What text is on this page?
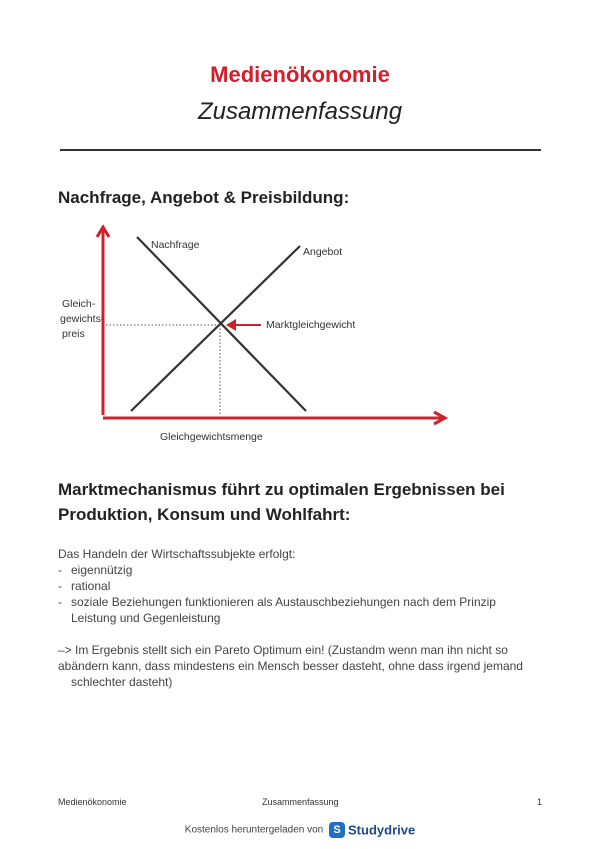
Medienökonomie
Zusammenfassung
Nachfrage, Angebot & Preisbildung:
Nachfrage
Angebot
Gleich-
gewichts-
preis
Marktgleichgewicht
Gleichgewichtsmenge
Marktmechanismus führt zu optimalen Ergebnissen bei
Produktion, Konsum und Wohlfahrt:
Das Handeln der Wirtschaftssubjekte erfolgt:
- eigennützig
- rational
- soziale Beziehungen funktionieren als Austauschbeziehungen nach dem Prinzip
Leistung und Gegenleistung
–> Im Ergebnis stellt sich ein Pareto Optimum ein! (Zustandm wenn man ihn nicht so
abändern kann, dass mindestens ein Mensch besser dasteht, ohne dass irgend jemand
schlechter dasteht)
Medienökonomie	Zusammenfassung	1
Kostenlos heruntergeladen von S Studydrive
